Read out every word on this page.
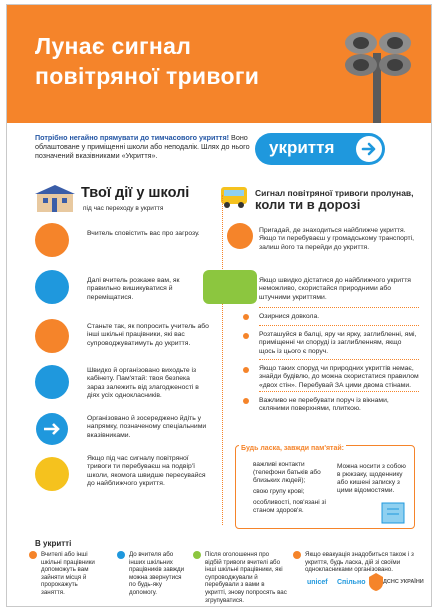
Лунає сигнал
повітряної тривоги
Потрібно негайно прямувати до тимчасового укриття! Воно облаштоване у приміщенні школи або неподалік. Шлях до нього позначений вказівниками «Укриття».	укриття
Твої дії у школі
під час переходу в укриття
Сигнал повітряної тривоги пролунав,
коли ти в дорозі
Вчитель сповістить вас про загрозу.
Далі вчитель розкаже вам, як правильно вишикуватися й переміщатися.
Станьте так, як попросить учитель або інші шкільні працівники, які вас супроводжуватимуть до укриття.
Швидко й організовано виходьте із кабінету. Пам'ятай: твоя безпека зараз залежить від злагодженості в діях усіх однокласників.
Організовано й зосереджено йдіть у напрямку, позначеному спеціальними вказівниками.
Якщо під час сигналу повітряної тривоги ти перебуваєш на подвір'ї школи, якомога швидше пересувайся до найближчого укриття.
Пригадай, де знаходиться найближче укриття. Якщо ти перебуваєш у громадському транспорті, залиш його та перейди до укриття.
Якщо швидко дістатися до найближчого укриття неможливо, скористайся природними або штучними укриттями.
Озирнися довкола.
Розташуйся в балці, яру чи ярку, заглибленні, ямі, приміщенні чи споруді із заглибленням, якщо щось із цього є поруч.
Якщо таких споруд чи природних укриттів немає, знайди будівлю, до можна скористатися правилом «двох стін». Перебувай ЗА цими двома стінами.
Важливо не перебувати поруч із вікнами, скляними поверхнями, плиткою.
Будь ласка, завжди пам'ятай:
важливі контакти (телефони батьків або близьких людей);
свою групу крові;
особливості, пов'язані зі станом здоров'я.
Можна носити з собою в рюкзаку, щоденнику або кишені записку з цими відомостями.
В укритті
Вчителі або інші шкільні працівники допоможуть вам зайняти місця й пророкажуть заняття.
До вчителя або інших шкільних працівників завжди можна звернутися по будь-яку допомогу.
Після оголошення про відбій тривоги вчителі або інші шкільні працівники, які супроводжували й перебували з вами в укритті, знову попросять вас згрупуватися.
Якщо евакуація знадобиться також і з укриття, будь ласка, дій зі своїми однокласниками організовано.
unicef Спільно	ДСНС УКРАЇНИ
